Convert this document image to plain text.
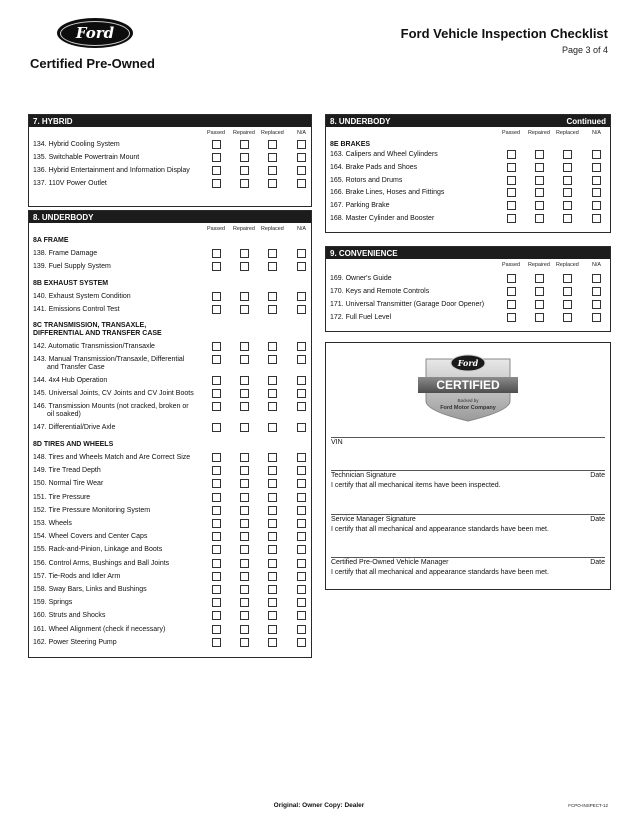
Ford
Certified Pre-Owned
Ford Vehicle Inspection Checklist
Page 3 of 4
7. HYBRID
Passed Repaired Replaced N/A
134. Hybrid Cooling System
135. Switchable Powertrain Mount
136. Hybrid Entertainment and Information Display
137. 110V Power Outlet
8. UNDERBODY
Passed Repaired Replaced N/A
8A FRAME
138. Frame Damage
139. Fuel Supply System
8B EXHAUST SYSTEM
140. Exhaust System Condition
141. Emissions Control Test
8C TRANSMISSION, TRANSAXLE,
DIFFERENTIAL AND TRANSFER CASE
142. Automatic Transmission/Transaxle
143. Manual Transmission/Transaxle, Differential
and Transfer Case
144. 4x4 Hub Operation
145. Universal Joints, CV Joints and CV Joint Boots
146. Transmission Mounts (not cracked, broken or
oil soaked)
147. Differential/Drive Axle
8D TIRES AND WHEELS
148. Tires and Wheels Match and Are Correct Size
149. Tire Tread Depth
150. Normal Tire Wear
151. Tire Pressure
152. Tire Pressure Monitoring System
153. Wheels
154. Wheel Covers and Center Caps
155. Rack-and-Pinion, Linkage and Boots
156. Control Arms, Bushings and Ball Joints
157. Tie-Rods and Idler Arm
158. Sway Bars, Links and Bushings
159. Springs
160. Struts and Shocks
161. Wheel Alignment (check if necessary)
162. Power Steering Pump
8. UNDERBODY	Continued
Passed Repaired Replaced N/A
8E BRAKES
163. Calipers and Wheel Cylinders
164. Brake Pads and Shoes
165. Rotors and Drums
166. Brake Lines, Hoses and Fittings
167. Parking Brake
168. Master Cylinder and Booster
9. CONVENIENCE
Passed Repaired Replaced N/A
169. Owner's Guide
170. Keys and Remote Controls
171. Universal Transmitter (Garage Door Opener)
172. Full Fuel Level
CERTIFIED
Ford
Backed by
Ford Motor Company
VIN
Technician Signature	Date
I certify that all mechanical items have been inspected.
Service Manager Signature	Date
I certify that all mechanical and appearance standards have been met.
Certified Pre-Owned Vehicle Manager	Date
I certify that all mechanical and appearance standards have been met.
Original: Owner Copy: Dealer	FCPO-INSPECT-12
